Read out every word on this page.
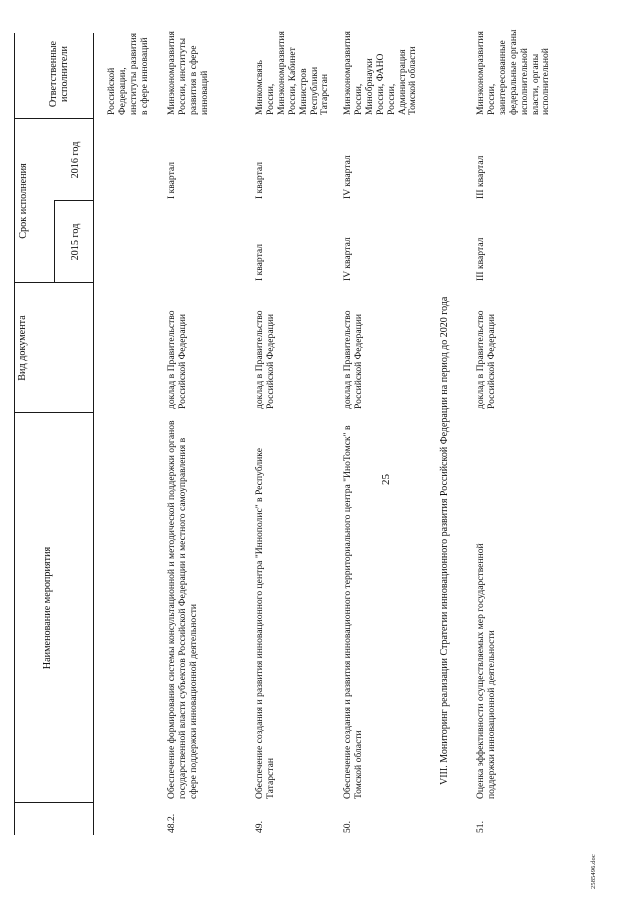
25
Наименование мероприятия
Вид документа
Срок исполнения
2015 год
2016 год
Ответственные исполнители	Российской Федерации, институты развития в сфере инноваций
48.2.
Обеспечение формирования системы консультационной и методической поддержки органов государственной власти субъектов Российской Федерации и местного самоуправления в сфере поддержки инновационной деятельности
доклад в Правительство Российской Федерации
I квартал
Минэкономразвития России, институты развития в сфере инноваций
49.
Обеспечение создания и развития инновационного центра "Иннополис" в Республике Татарстан
доклад в Правительство Российской Федерации
I квартал
I квартал
Минкомсвязь России, Минэкономразвития России, Кабинет Министров Республики Татарстан
50.
Обеспечение создания и развития инновационного территориального центра "ИноТомск" в Томской области
доклад в Правительство Российской Федерации
IV квартал
IV квартал
Минэкономразвития России, Минобрнауки России, ФАНО России, Администрация Томской области
VIII. Мониторинг реализации Стратегии инновационного развития Российской Федерации на период до 2020 года
51.
Оценка эффективности осуществляемых мер государственной поддержки инновационной деятельности
доклад в Правительство Российской Федерации
III квартал
III квартал
Минэкономразвития России, заинтересованные федеральные органы исполнительной власти, органы исполнительной
2585496.doc
